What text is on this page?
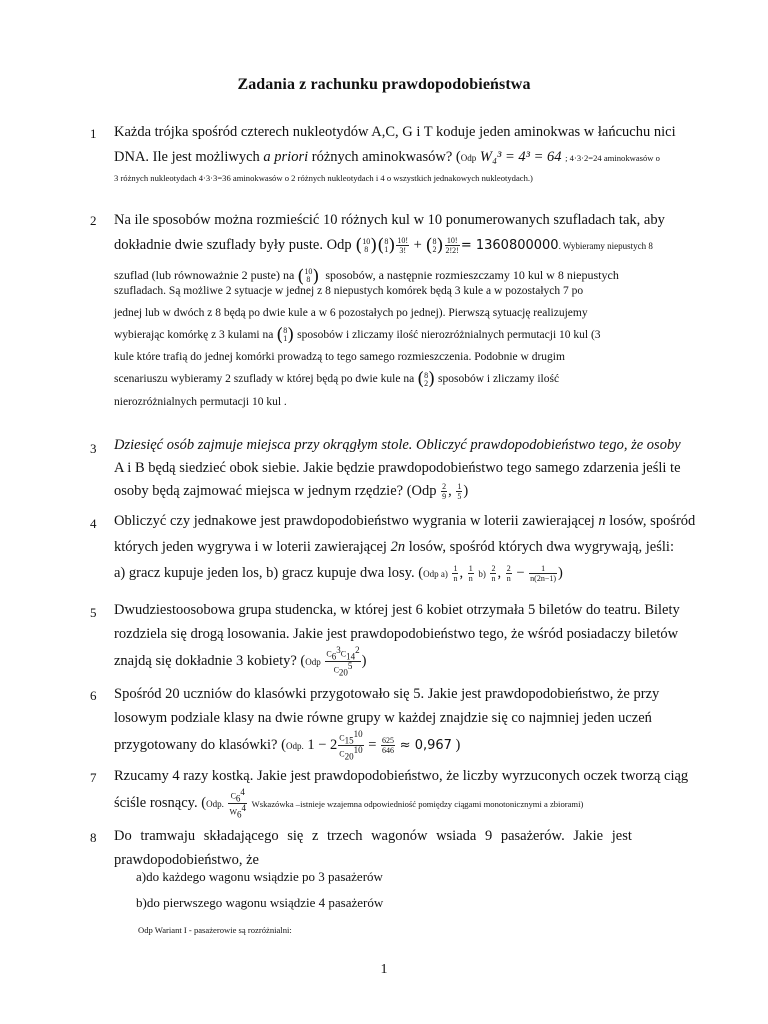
Zadania z rachunku prawdopodobieństwa
1 Każda trójka spośród czterech nukleotydów A,C, G i T koduje jeden aminokwas w łańcuchu nici
DNA. Ile jest możliwych a priori różnych aminokwasów? (Odp W₄³ = 4³ = 64 ; 4·3·2=24 aminokwasów o
3 różnych nukleotydach 4·3·3=36 aminokwasów o 2 różnych nukleotydach i 4 o wszystkich jednakowych nukleotydach.)
2 Na ile sposobów można rozmieścić 10 różnych kul w 10 ponumerowanych szufladach tak, aby
dokładnie dwie szuflady były puste. Odp (10
8 )(8
$1) \frac{10!}{3!} + (8$
$2) \frac{10!}{2!2!} = 1360800000$. Wybieramy niepustych 8
szuflad (lub równoważnie 2 puste) na (10
8 ) sposobów, a następnie rozmieszczamy 10 kul w 8 niepustych
szufladach. Są możliwe 2 sytuacje w jednej z 8 niepustych komórek będą 3 kule a w pozostałych 7 po
jednej lub w dwóch z 8 będą po dwie kule a w 6 pozostałych po jednej). Pierwszą sytuację realizujemy
wybierając komórkę z 3 kulami na (8
1) sposobów i zliczamy ilość nierozróżnialnych permutacji 10 kul (3
kule które trafią do jednej komórki prowadzą to tego samego rozmieszczenia. Podobnie w drugim
scenariuszu wybieramy 2 szuflady w której będą po dwie kule na (8
2) sposobów i zliczamy ilość
nierozróżnialnych permutacji 10 kul .
3 Dziesięć osób zajmuje miejsca przy okrągłym stole. Obliczyć prawdopodobieństwo tego, że osoby
A i B będą siedzieć obok siebie. Jakie będzie prawdopodobieństwo tego samego zdarzenia jeśli te
osoby będą zajmować miejsca w jednym rzędzie? ($Odp \frac{2}{9}$ , $\frac{1}{5}$ )
4 Obliczyć czy jednakowe jest prawdopodobieństwo wygrania w loterii zawierającej n losów, spośród
których jeden wygrywa i w loterii zawierającej 2n losów, spośród których dwa wygrywają, jeśli:
a) gracz kupuje jeden los, b) gracz kupuje dwa losy. (Odp $a) \frac{1}{n}$ , $\frac{1}{n} b) \frac{2}{n}$ , $\frac{2}{n} - \frac{1}{n(2n-1)}$ )
5 Dwudziestoosobowa grupa studencka, w której jest 6 kobiet otrzymała 5 biletów do teatru. Bilety
rozdziela się drogą losowania. Jakie jest prawdopodobieństwo tego, że wśród posiadaczy biletów
znajdą się dokładnie 3 kobiety? ($Odp \frac{C_6^3C_{14}^2}{C_{20}^5}$ )
6 Spośród 20 uczniów do klasówki przygotowało się 5. Jakie jest prawdopodobieństwo, że przy
losowym podziale klasy na dwie równe grupy w każdej znajdzie się co najmniej jeden uczeń
przygotowany do klasówki? (Odp. $1 - 2 \frac{C_{15}^{10}}{C_{20}^{10}} = \frac{625}{646} \approx 0,967$ )
7 Rzucamy 4 razy kostką. Jakie jest prawdopodobieństwo, że liczby wyrzuconych oczek tworzą ciąg
ściśle rosnący. (Odp. $\frac{C_6^4}{W_6^4}$ Wskazówka –istnieje wzajemna odpowiedniość pomiędzy ciągami monotonicznymi a zbiorami)
8 Do tramwaju składającego się z trzech wagonów wsiada 9 pasażerów. Jakie jest
prawdopodobieństwo, że
a)do każdego wagonu wsiądzie po 3 pasażerów
b)do pierwszego wagonu wsiądzie 4 pasażerów
Odp Wariant I - pasażerowie są rozróżnialni:
1
